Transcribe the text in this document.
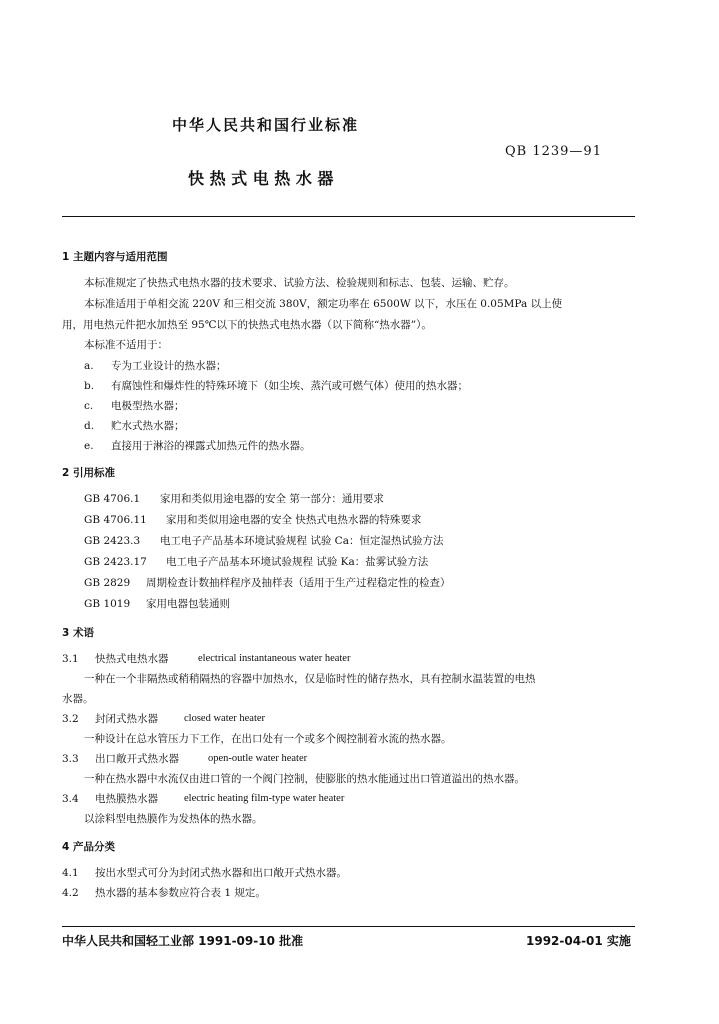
中华人民共和国行业标准
QB 1239—91
快 热 式 电 热 水 器
1 主题内容与适用范围
本标准规定了快热式电热水器的技术要求、试验方法、检验规则和标志、包装、运输、贮存。
本标准适用于单相交流 220V 和三相交流 380V，额定功率在 6500W 以下，水压在 0.05MPa 以上使
用，用电热元件把水加热至 95℃以下的快热式电热水器（以下简称“热水器”）。
本标准不适用于：
a. 专为工业设计的热水器；
b. 有腐蚀性和爆炸性的特殊环境下（如尘埃、蒸汽或可燃气体）使用的热水器；
c. 电极型热水器；
d. 贮水式热水器；
e. 直接用于淋浴的裸露式加热元件的热水器。
2 引用标准
GB 4706.1 家用和类似用途电器的安全 第一部分：通用要求
GB 4706.11 家用和类似用途电器的安全 快热式电热水器的特殊要求
GB 2423.3 电工电子产品基本环境试验规程 试验 Ca：恒定湿热试验方法
GB 2423.17 电工电子产品基本环境试验规程 试验 Ka：盐雾试验方法
GB 2829 周期检查计数抽样程序及抽样表（适用于生产过程稳定性的检查）
GB 1019 家用电器包装通则
3 术语
3.1 快热式电热水器	electrical instantaneous water heater
一种在一个非隔热或稍稍隔热的容器中加热水，仅是临时性的储存热水，具有控制水温装置的电热
水器。
3.2 封闭式热水器 closed water heater
一种设计在总水管压力下工作，在出口处有一个或多个阀控制着水流的热水器。
3.3 出口敞开式热水器	open-outle water heater
一种在热水器中水流仅由进口管的一个阀门控制，使膨胀的热水能通过出口管道溢出的热水器。
3.4 电热膜热水器 electric heating film-type water heater
以涂料型电热膜作为发热体的热水器。
4 产品分类
4.1 按出水型式可分为封闭式热水器和出口敞开式热水器。
4.2 热水器的基本参数应符合表 1 规定。
中华人民共和国轻工业部 1991-09-10 批准	1992-04-01 实施
